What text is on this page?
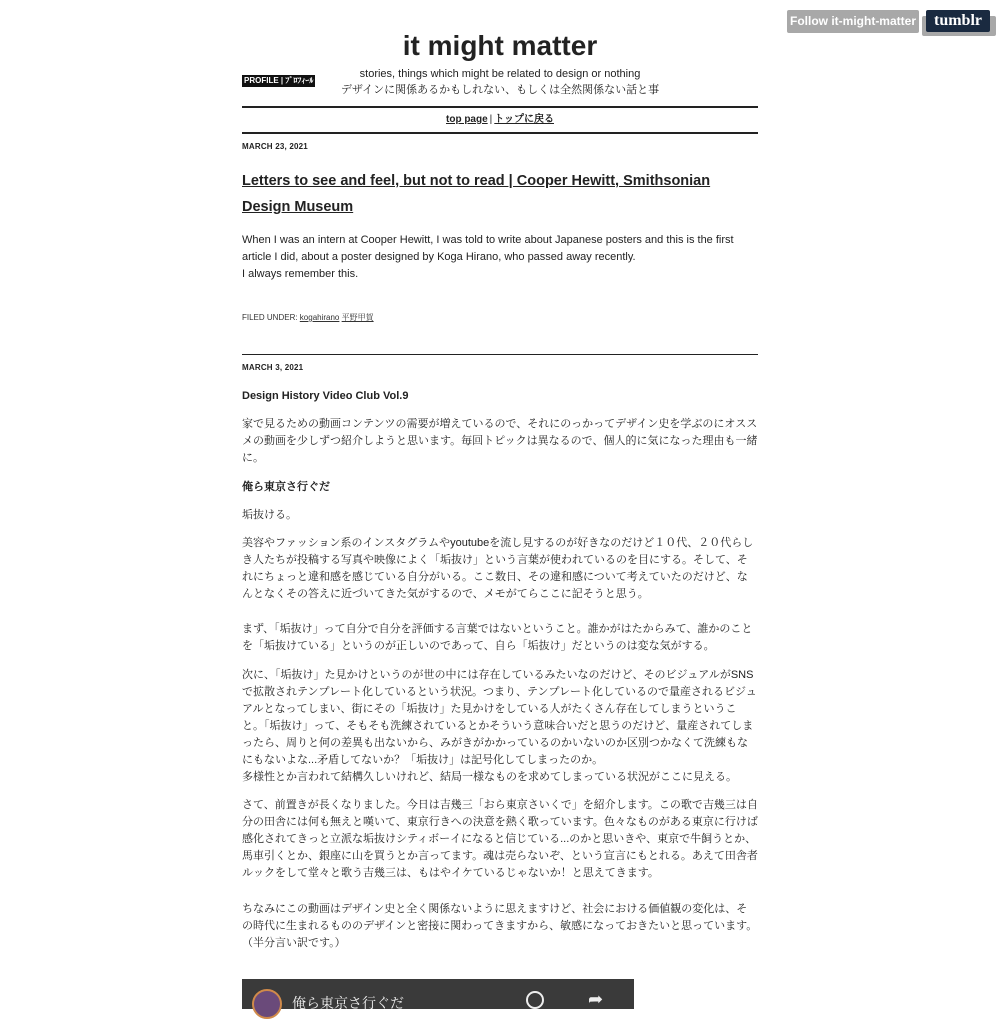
Follow it-might-matter	tumblr
it might matter
PROFILE | ﾌﾟﾛﾌｨｰﾙ
stories, things which might be related to design or nothing
デザインに関係あるかもしれない、もしくは全然関係ない話と事
top page | トップに戻る
MARCH 23, 2021
Letters to see and feel, but not to read | Cooper Hewitt, Smithsonian Design Museum
When I was an intern at Cooper Hewitt, I was told to write about Japanese posters and this is the first article I did, about a poster designed by Koga Hirano, who passed away recently.
I always remember this.
FILED UNDER: kogahirano 平野甲賀
MARCH 3, 2021
Design History Video Club Vol.9
家で見るための動画コンテンツの需要が増えているので、それにのっかってデザイン史を学ぶのにオススメの動画を少しずつ紹介しようと思います。毎回トピックは異なるので、個人的に気になった理由も一緒に。
俺ら東京さ行ぐだ
垢抜ける。
美容やファッション系のインスタグラムやyoutubeを流し見するのが好きなのだけど１０代、２０代らしき人たちが投稿する写真や映像によく「垢抜け」という言葉が使われているのを目にする。そして、それにちょっと違和感を感じている自分がいる。ここ数日、その違和感について考えていたのだけど、なんとなくその答えに近づいてきた気がするので、メモがてらここに記そうと思う。
まず、「垢抜け」って自分で自分を評価する言葉ではないということ。誰かがはたからみて、誰かのことを「垢抜けている」というのが正しいのであって、自ら「垢抜け」だというのは変な気がする。
次に、「垢抜け」た見かけというのが世の中には存在しているみたいなのだけど、そのビジュアルがSNSで拡散されテンプレート化しているという状況。つまり、テンプレート化しているので量産されるビジュアルとなってしまい、街にその「垢抜け」た見かけをしている人がたくさん存在してしまうということ。「垢抜け」って、そもそも洗練されているとかそういう意味合いだと思うのだけど、量産されてしまったら、周りと何の差異も出ないから、みがきがかかっているのかいないのか区別つかなくて洗練もなにもないよな...矛盾してないか？「垢抜け」は記号化してしまったのか。
多様性とか言われて結構久しいけれど、結局一様なものを求めてしまっている状況がここに見える。
さて、前置きが長くなりました。今日は吉幾三「おら東京さいくで」を紹介します。この歌で吉幾三は自分の田舎には何も無えと嘆いて、東京行きへの決意を熱く歌っています。色々なものがある東京に行けば感化されてきっと立派な垢抜けシティボーイになると信じている...のかと思いきや、東京で牛飼うとか、馬車引くとか、銀座に山を買うとか言ってます。魂は売らないぞ、という宣言にもとれる。あえて田舎者ルックをして堂々と歌う吉幾三は、もはやイケているじゃないか！と思えてきます。
ちなみにこの動画はデザイン史と全く関係ないように思えますけど、社会における価値観の変化は、その時代に生まれるもののデザインと密接に関わってきますから、敏感になっておきたいと思っています。（半分言い訳です。）
俺ら東京さ行ぐだ	➦
